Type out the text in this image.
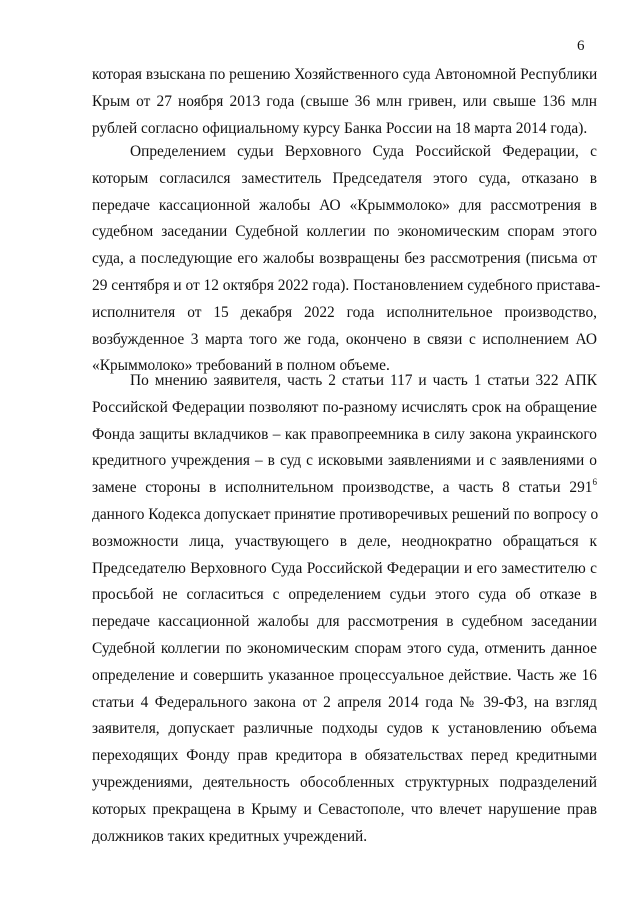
6
которая взыскана по решению Хозяйственного суда Автономной Республики
Крым от 27 ноября 2013 года (свыше 36 млн гривен, или свыше 136 млн
рублей согласно официальному курсу Банка России на 18 марта 2014 года).
Определением судьи Верховного Суда Российской Федерации, с
которым согласился заместитель Председателя этого суда, отказано в
передаче кассационной жалобы АО «Крыммолоко» для рассмотрения в
судебном заседании Судебной коллегии по экономическим спорам этого
суда, а последующие его жалобы возвращены без рассмотрения (письма от
29 сентября и от 12 октября 2022 года). Постановлением судебного пристава-
исполнителя от 15 декабря 2022 года исполнительное производство,
возбужденное 3 марта того же года, окончено в связи с исполнением АО
«Крыммолоко» требований в полном объеме.
По мнению заявителя, часть 2 статьи 117 и часть 1 статьи 322 АПК
Российской Федерации позволяют по-разному исчислять срок на обращение
Фонда защиты вкладчиков – как правопреемника в силу закона украинского
кредитного учреждения – в суд с исковыми заявлениями и с заявлениями о
замене стороны в исполнительном производстве, а часть 8 статьи $291^6$
данного Кодекса допускает принятие противоречивых решений по вопросу о
возможности лица, участвующего в деле, неоднократно обращаться к
Председателю Верховного Суда Российской Федерации и его заместителю с
просьбой не согласиться с определением судьи этого суда об отказе в
передаче кассационной жалобы для рассмотрения в судебном заседании
Судебной коллегии по экономическим спорам этого суда, отменить данное
определение и совершить указанное процессуальное действие. Часть же 16
статьи 4 Федерального закона от 2 апреля 2014 года № 39-ФЗ, на взгляд
заявителя, допускает различные подходы судов к установлению объема
переходящих Фонду прав кредитора в обязательствах перед кредитными
учреждениями, деятельность обособленных структурных подразделений
которых прекращена в Крыму и Севастополе, что влечет нарушение прав
должников таких кредитных учреждений.
